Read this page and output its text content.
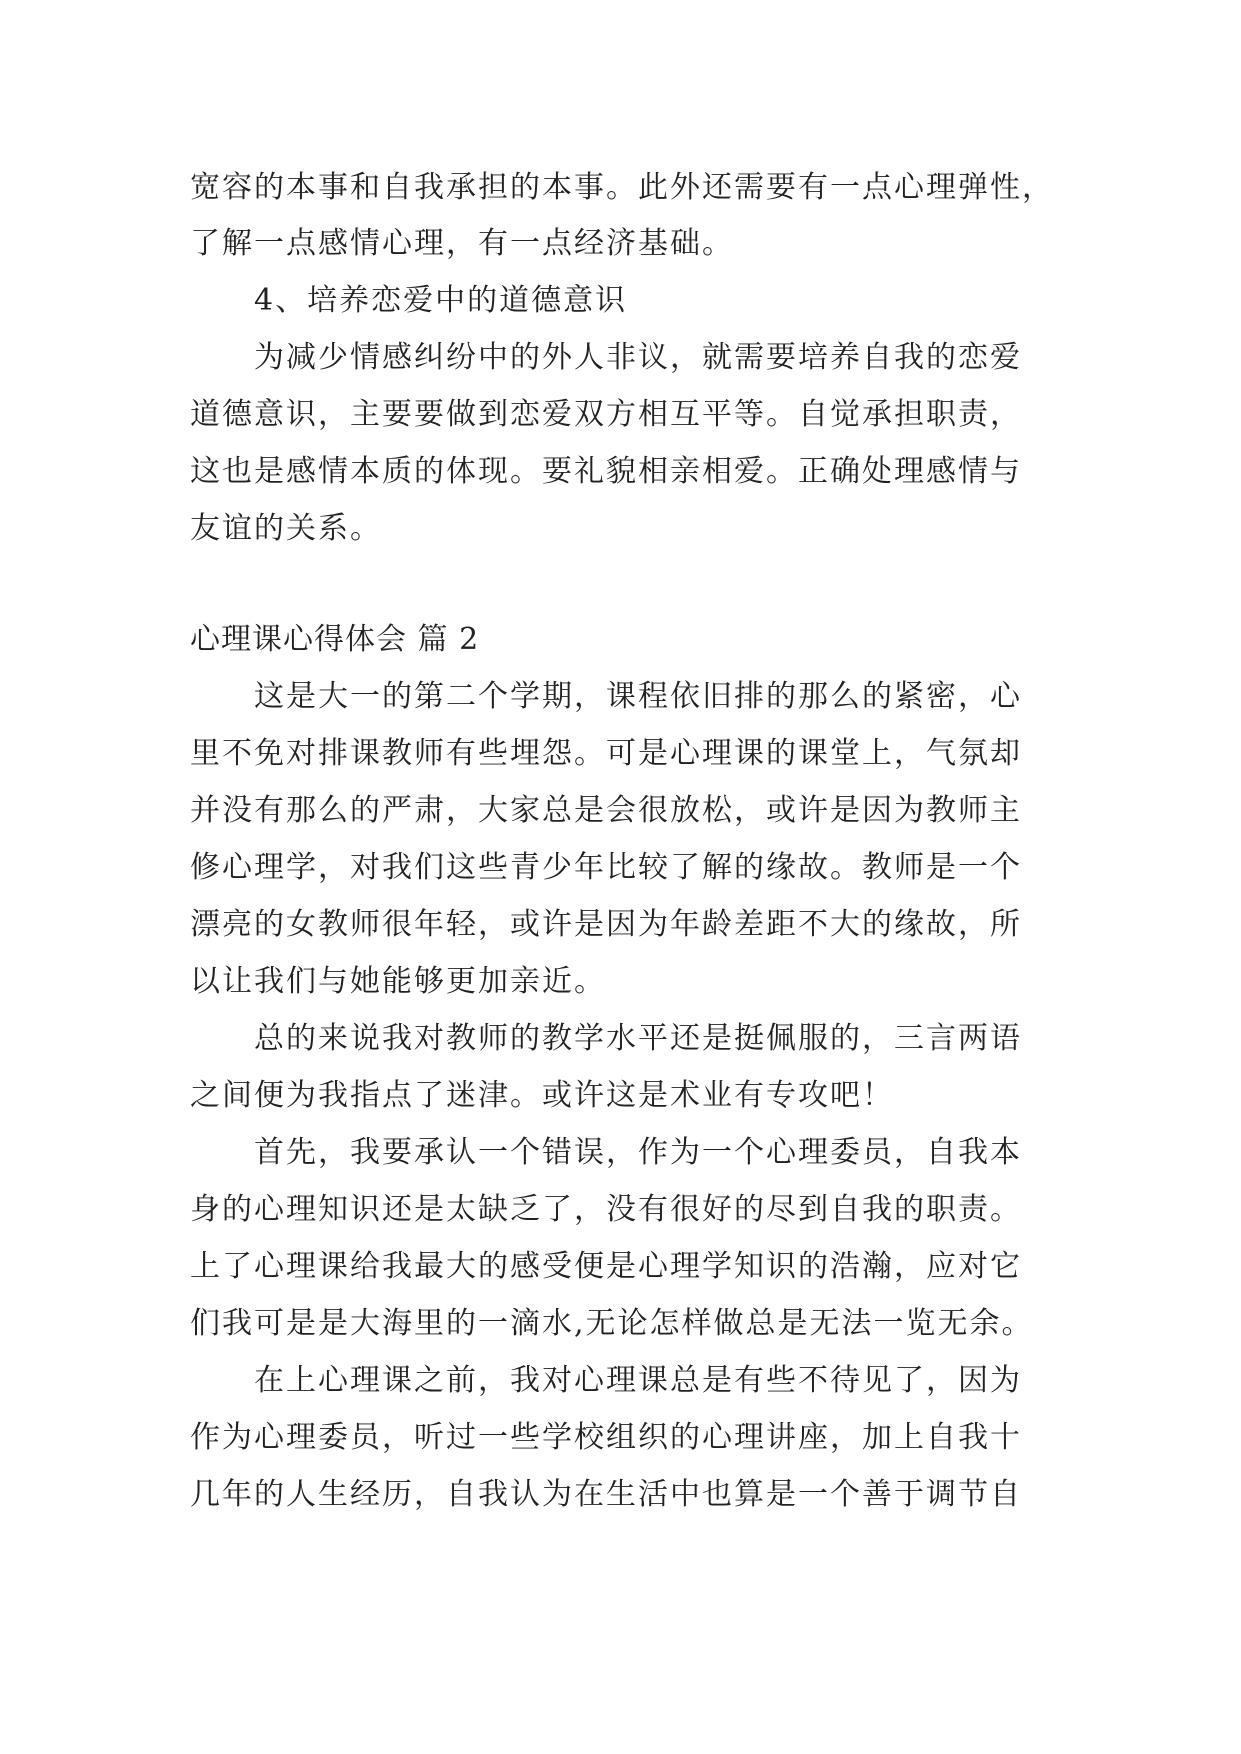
宽容的本事和自我承担的本事。此外还需要有一点心理弹性，
了解一点感情心理，有一点经济基础。
4、培养恋爱中的道德意识
为减少情感纠纷中的外人非议，就需要培养自我的恋爱
道德意识，主要要做到恋爱双方相互平等。自觉承担职责，
这也是感情本质的体现。要礼貌相亲相爱。正确处理感情与
友谊的关系。
心理课心得体会 篇 2
这是大一的第二个学期，课程依旧排的那么的紧密，心
里不免对排课教师有些埋怨。可是心理课的课堂上，气氛却
并没有那么的严肃，大家总是会很放松，或许是因为教师主
修心理学，对我们这些青少年比较了解的缘故。教师是一个
漂亮的女教师很年轻，或许是因为年龄差距不大的缘故，所
以让我们与她能够更加亲近。
总的来说我对教师的教学水平还是挺佩服的，三言两语
之间便为我指点了迷津。或许这是术业有专攻吧！
首先，我要承认一个错误，作为一个心理委员，自我本
身的心理知识还是太缺乏了，没有很好的尽到自我的职责。
上了心理课给我最大的感受便是心理学知识的浩瀚，应对它
们我可是是大海里的一滴水,无论怎样做总是无法一览无余。
在上心理课之前，我对心理课总是有些不待见了，因为
作为心理委员，听过一些学校组织的心理讲座，加上自我十
几年的人生经历，自我认为在生活中也算是一个善于调节自
